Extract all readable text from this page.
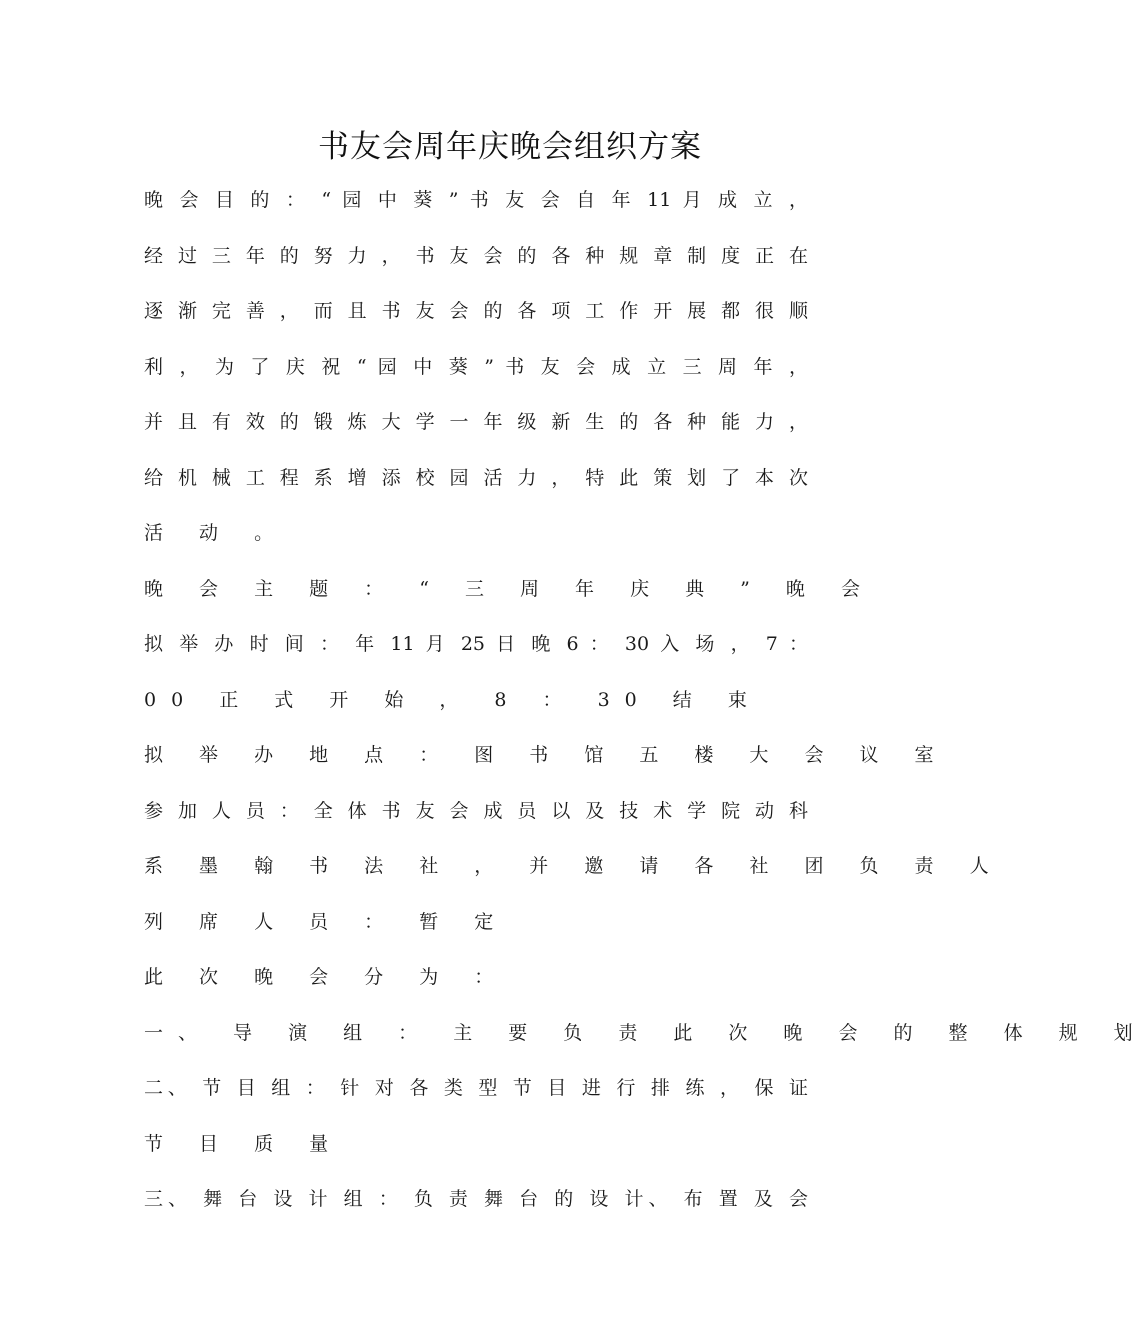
书友会周年庆晚会组织方案
晚 会 目 的 ： “ 园 中 葵 ” 书 友 会 自 年 11 月 成 立 ，
经 过 三 年 的 努 力 ， 书 友 会 的 各 种 规 章 制 度 正 在
逐 渐 完 善 ， 而 且 书 友 会 的 各 项 工 作 开 展 都 很 顺
利 ， 为 了 庆 祝 “ 园 中 葵 ” 书 友 会 成 立 三 周 年 ，
并 且 有 效 的 锻 炼 大 学 一 年 级 新 生 的 各 种 能 力 ，
给 机 械 工 程 系 增 添 校 园 活 力 ， 特 此 策 划 了 本 次
活 动 。
晚 会 主 题 ： “ 三 周 年 庆 典 ” 晚 会
拟 举 办 时 间 ： 年 11 月 25 日 晚 6 ： 30 入 场 ， 7 ：
00 正 式 开 始 ， 8 ： 30 结 束
拟 举 办 地 点 ： 图 书 馆 五 楼 大 会 议 室
参 加 人 员 ： 全 体 书 友 会 成 员 以 及 技 术 学 院 动 科
系 墨 翰 书 法 社 ， 并 邀 请 各 社 团 负 责 人
列 席 人 员 ： 暂 定
此 次 晚 会 分 为 ：
一、 导 演 组 ： 主 要 负 责 此 次 晚 会 的 整 体 规 划
二、 节 目 组 ： 针 对 各 类 型 节 目 进 行 排 练 ， 保 证
节 目 质 量
三、 舞 台 设 计 组 ： 负 责 舞 台 的 设 计、 布 置 及 会
